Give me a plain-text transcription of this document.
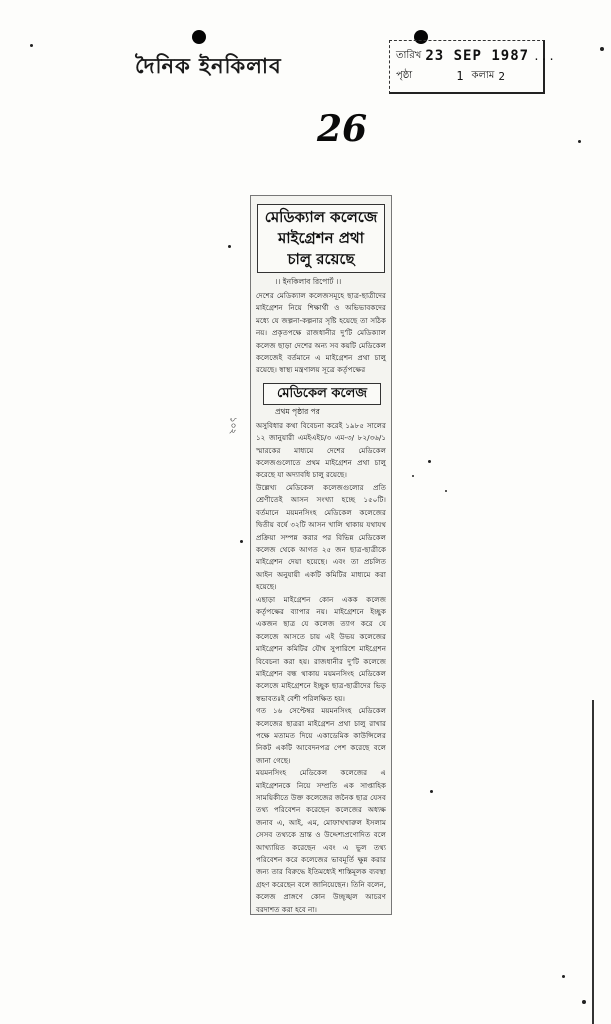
দৈনিক ইনকিলাব	তারিখ 23 SEP 1987 ...
পৃষ্ঠা	1 কলাম 2
26
১০২
মেডিক্যাল কলেজে
মাইগ্রেশন প্রথা
চালু রয়েছে
।। ইনকিলাব রিপোর্ট ।।

দেশের মেডিক্যাল কলেজসমূহে ছাত্র-ছাত্রীদের মাইগ্রেশন নিয়ে শিক্ষার্থী ও অভিভাবকদের মধ্যে যে জল্পনা-কল্পনার সৃষ্টি হয়েছে তা সঠিক নয়। প্রকৃতপক্ষে রাজধানীর দু'টি মেডিক্যাল কলেজ ছাড়া দেশের অন্য সব কয়টি মেডিকেল কলেজেই বর্তমানে এ মাইগ্রেশন প্রথা চালু রয়েছে। স্বাস্থ্য মন্ত্রণালয় সূত্রে কর্তৃপক্ষের

মেডিকেল কলেজ
প্রথম পৃষ্ঠার পর

অসুবিধার কথা বিবেচনা করেই ১৯৮৫ সালের ১২ জানুয়ারী এমইএইচ/৩ এম-৩/ ৮২/৩৬/১ স্মারকের মাধ্যমে দেশের মেডিকেল কলেজগুলোতে প্রথম মাইগ্রেশন প্রথা চালু করেছে যা অদ্যাবধি চালু রয়েছে।

উল্লেখ্য মেডিকেল কলেজগুলোর প্রতি শ্রেণীতেই আসন সংখ্যা হচ্ছে ১৫০টি। বর্তমানে ময়মনসিংহ মেডিকেল কলেজের দ্বিতীয় বর্ষে ৩২টি আসন খালি থাকায় যথাযথ প্রক্রিয়া সম্পন্ন করার পর বিভিন্ন মেডিকেল কলেজ থেকে আগত ২৫ জন ছাত্র-ছাত্রীকে মাইগ্রেশন দেয়া হয়েছে। এবং তা প্রচলিত আইন অনুযায়ী একটি কমিটির মাধ্যমে করা হয়েছে।

এছাড়া মাইগ্রেশন কোন একক কলেজ কর্তৃপক্ষের ব্যাপার নয়। মাইগ্রেশনে ইচ্ছুক একজন ছাত্র যে কলেজ ত্যাগ করে যে কলেজে আসতে চায় এই উভয় কলেজের মাইগ্রেশন কমিটির যৌথ সুপারিশে মাইগ্রেশন বিবেচনা করা হয়। রাজধানীর দু'টি কলেজে মাইগ্রেশন বন্ধ থাকায় ময়মনসিংহ মেডিকেল কলেজে মাইগ্রেশনে ইচ্ছুক ছাত্র-ছাত্রীদের ভিড় স্বভাবতঃই বেশী পরিলক্ষিত হয়।

গত ১৬ সেপ্টেম্বর ময়মনসিংহ মেডিকেল কলেজের ছাত্ররা মাইগ্রেশন প্রথা চালু রাখার পক্ষে মতামত দিয়ে একাডেমিক কাউন্সিলের নিকট একটি আবেদনপত্র পেশ করেছে বলে জানা গেছে।

ময়মনসিংহ মেডিকেল কলেজের এ মাইগ্রেশনকে নিয়ে সম্প্রতি এক সাপ্তাহিক সাময়িকীতে উক্ত কলেজের জনৈক ছাত্র যেসব তথ্য পরিবেশন করেছেন কলেজের অধ্যক্ষ জনাব এ, আই, এম, মোফাখখারুল ইসলাম সেসব তথ্যকে ভ্রান্ত ও উদ্দেশ্যপ্রণোদিত বলে আখ্যায়িত করেছেন এবং এ ভুল তথ্য পরিবেশন করে কলেজের ভাবমূর্তি ক্ষুন্ন করার জন্য তার বিরুদ্ধে ইতিমধ্যেই শাস্তিমূলক ব্যবস্থা গ্রহণ করেছেন বলে জানিয়েছেন। তিনি বলেন, কলেজ প্রাঙ্গণে কোন উচ্ছৃঙ্খল আচরণ বরদাশত করা হবে না।
